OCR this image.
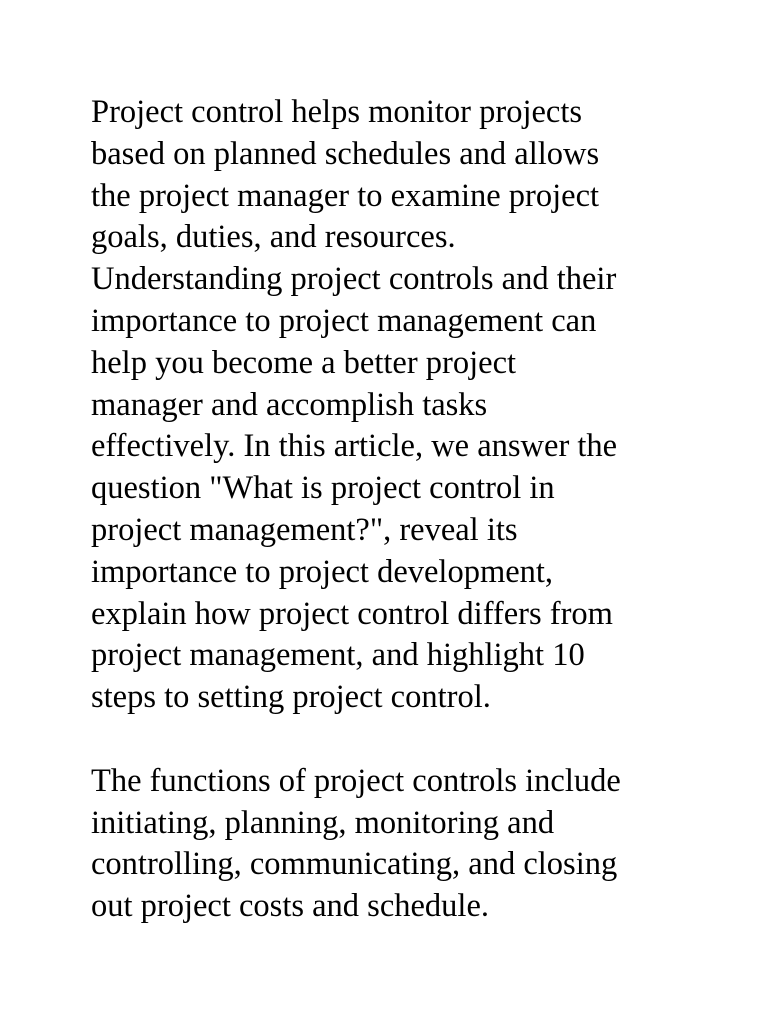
Project control helps monitor projects
based on planned schedules and allows
the project manager to examine project
goals, duties, and resources.
Understanding project controls and their
importance to project management can
help you become a better project
manager and accomplish tasks
effectively. In this article, we answer the
question "What is project control in
project management?", reveal its
importance to project development,
explain how project control differs from
project management, and highlight 10
steps to setting project control.
The functions of project controls include
initiating, planning, monitoring and
controlling, communicating, and closing
out project costs and schedule.
